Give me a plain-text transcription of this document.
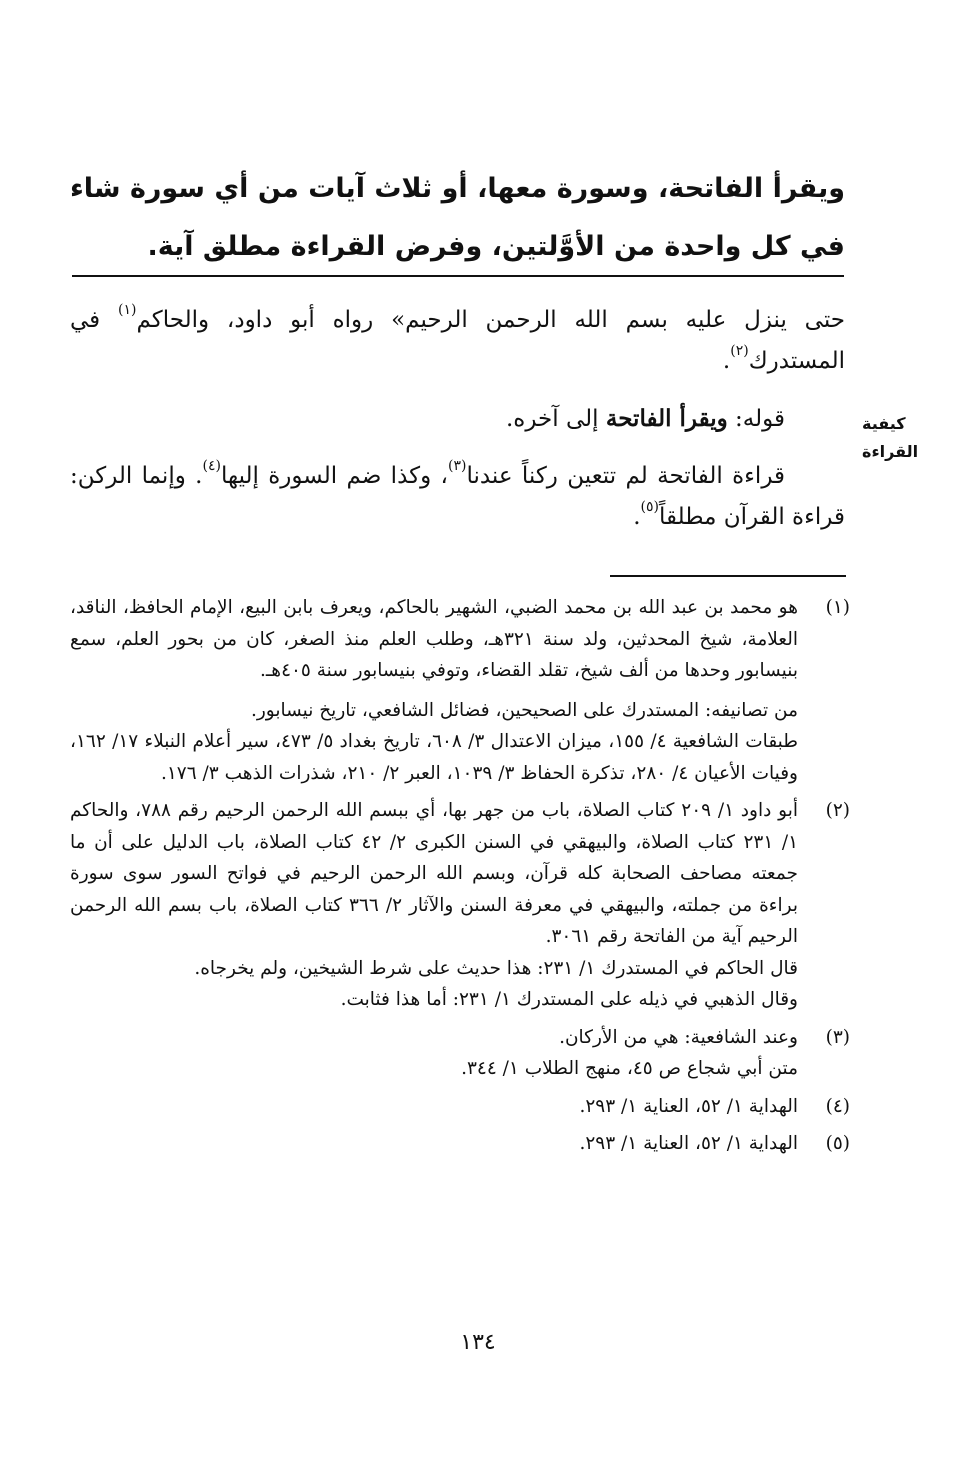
ويقرأ الفاتحة، وسورة معها، أو ثلاث آيات من أي سورة شاء في كل واحدة من الأوَّلتين، وفرض القراءة مطلق آية.
كيفية
القراءة

حتى ينزل عليه بسم الله الرحمن الرحيم» رواه أبو داود، والحاكم$^{(١)}$ في المستدرك$^{(٢)}$.

قوله: ويقرأ الفاتحة إلى آخره.

قراءة الفاتحة لم تتعين ركناً عندنا$^{(٣)}$، وكذا ضم السورة إليها$^{(٤)}$. وإنما الركن: قراءة القرآن مطلقاً$^{(٥)}$.

(١)
هو محمد بن عبد الله بن محمد الضبي، الشهير بالحاكم، ويعرف بابن البيع، الإمام الحافظ، الناقد، العلامة، شيخ المحدثين، ولد سنة ٣٢١هـ، وطلب العلم منذ الصغر، كان من بحور العلم، سمع بنيسابور وحدها من ألف شيخ، تقلد القضاء، وتوفي بنيسابور سنة ٤٠٥هـ.

من تصانيفه: المستدرك على الصحيحين، فضائل الشافعي، تاريخ نيسابور.

طبقات الشافعية ٤/ ١٥٥، ميزان الاعتدال ٣/ ٦٠٨، تاريخ بغداد ٥/ ٤٧٣، سير أعلام النبلاء ١٧/ ١٦٢، وفيات الأعيان ٤/ ٢٨٠، تذكرة الحفاظ ٣/ ١٠٣٩، العبر ٢/ ٢١٠، شذرات الذهب ٣/ ١٧٦.

(٢)
أبو داود ١/ ٢٠٩ كتاب الصلاة، باب من جهر بها، أي ببسم الله الرحمن الرحيم رقم ٧٨٨، والحاكم ١/ ٢٣١ كتاب الصلاة، والبيهقي في السنن الكبرى ٢/ ٤٢ كتاب الصلاة، باب الدليل على أن ما جمعته مصاحف الصحابة كله قرآن، وبسم الله الرحمن الرحيم في فواتح السور سوى سورة براءة من جملته، والبيهقي في معرفة السنن والآثار ٢/ ٣٦٦ كتاب الصلاة، باب بسم الله الرحمن الرحيم آية من الفاتحة رقم ٣٠٦١.

قال الحاكم في المستدرك ١/ ٢٣١: هذا حديث على شرط الشيخين، ولم يخرجاه.

وقال الذهبي في ذيله على المستدرك ١/ ٢٣١: أما هذا فثابت.

(٣)
وعند الشافعية: هي من الأركان.

متن أبي شجاع ص ٤٥، منهج الطلاب ١/ ٣٤٤.

(٤)
الهداية ١/ ٥٢، العناية ١/ ٢٩٣.
(٥)
الهداية ١/ ٥٢، العناية ١/ ٢٩٣.
١٣٤
